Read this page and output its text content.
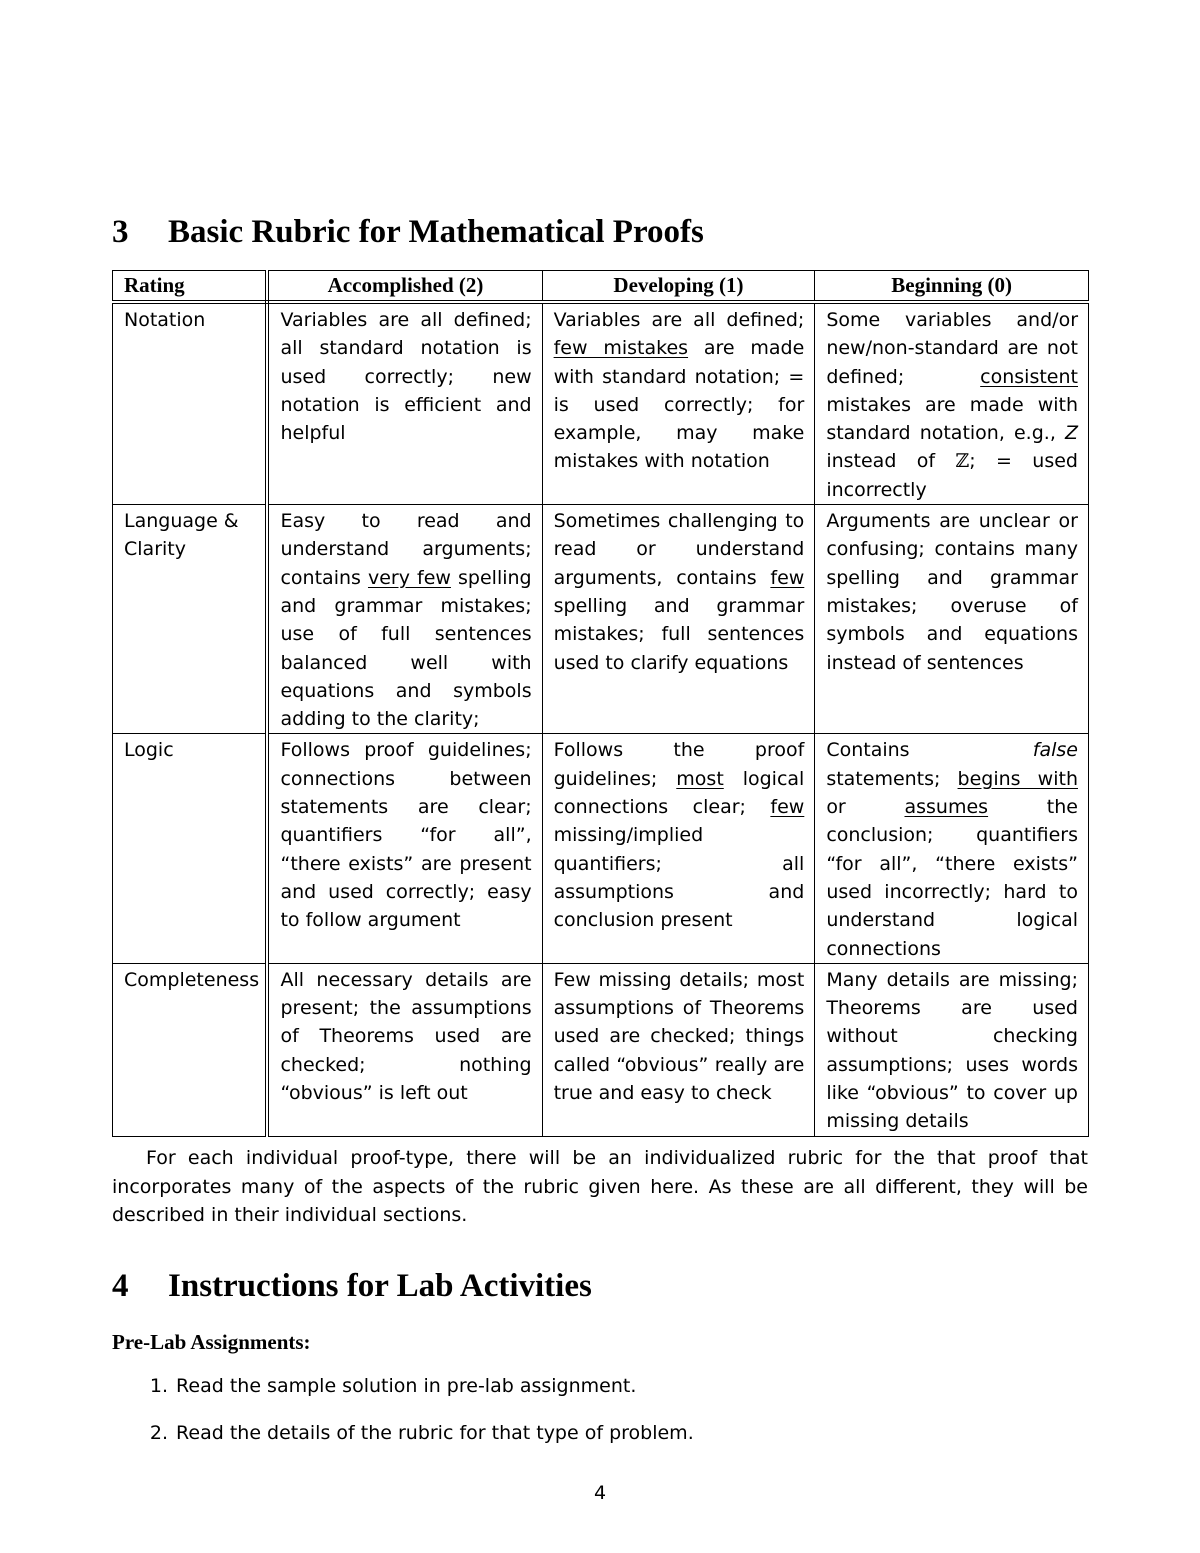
3 Basic Rubric for Mathematical Proofs
Rating	Accomplished (2)	Developing (1)	Beginning (0)
Notation	Variables are all defined; all standard notation is used correctly; new notation is efficient and helpful	Variables are all defined; few mistakes are made with standard notation; = is used correctly; for example, may make mistakes with notation	Some variables and/or new/non-standard are not defined; consistent mistakes are made with standard notation, e.g., Z instead of ℤ; = used incorrectly
Language & Clarity	Easy to read and understand arguments; contains very few spelling and grammar mistakes; use of full sentences balanced well with equations and symbols adding to the clarity;	Sometimes challenging to read or understand arguments, contains few spelling and grammar mistakes; full sentences used to clarify equations	Arguments are unclear or confusing; contains many spelling and grammar mistakes; overuse of symbols and equations instead of sentences
Logic	Follows proof guidelines; connections between statements are clear; quantifiers “for all”, “there exists” are present and used correctly; easy to follow argument	Follows the proof guidelines; most logical connections clear; few missing/implied quantifiers; all assumptions and conclusion present	Contains false statements; begins with or assumes the conclusion; quantifiers “for all”, “there exists” used incorrectly; hard to understand logical connections
Completeness	All necessary details are present; the assumptions of Theorems used are checked; nothing “obvious” is left out	Few missing details; most assumptions of Theorems used are checked; things called “obvious” really are true and easy to check	Many details are missing; Theorems are used without checking assumptions; uses words like “obvious” to cover up missing details

For each individual proof-type, there will be an individualized rubric for the that proof that incorporates many of the aspects of the rubric given here. As these are all different, they will be described in their individual sections.

4 Instructions for Lab Activities
Pre-Lab Assignments:
1. Read the sample solution in pre-lab assignment.
2. Read the details of the rubric for that type of problem.
4
